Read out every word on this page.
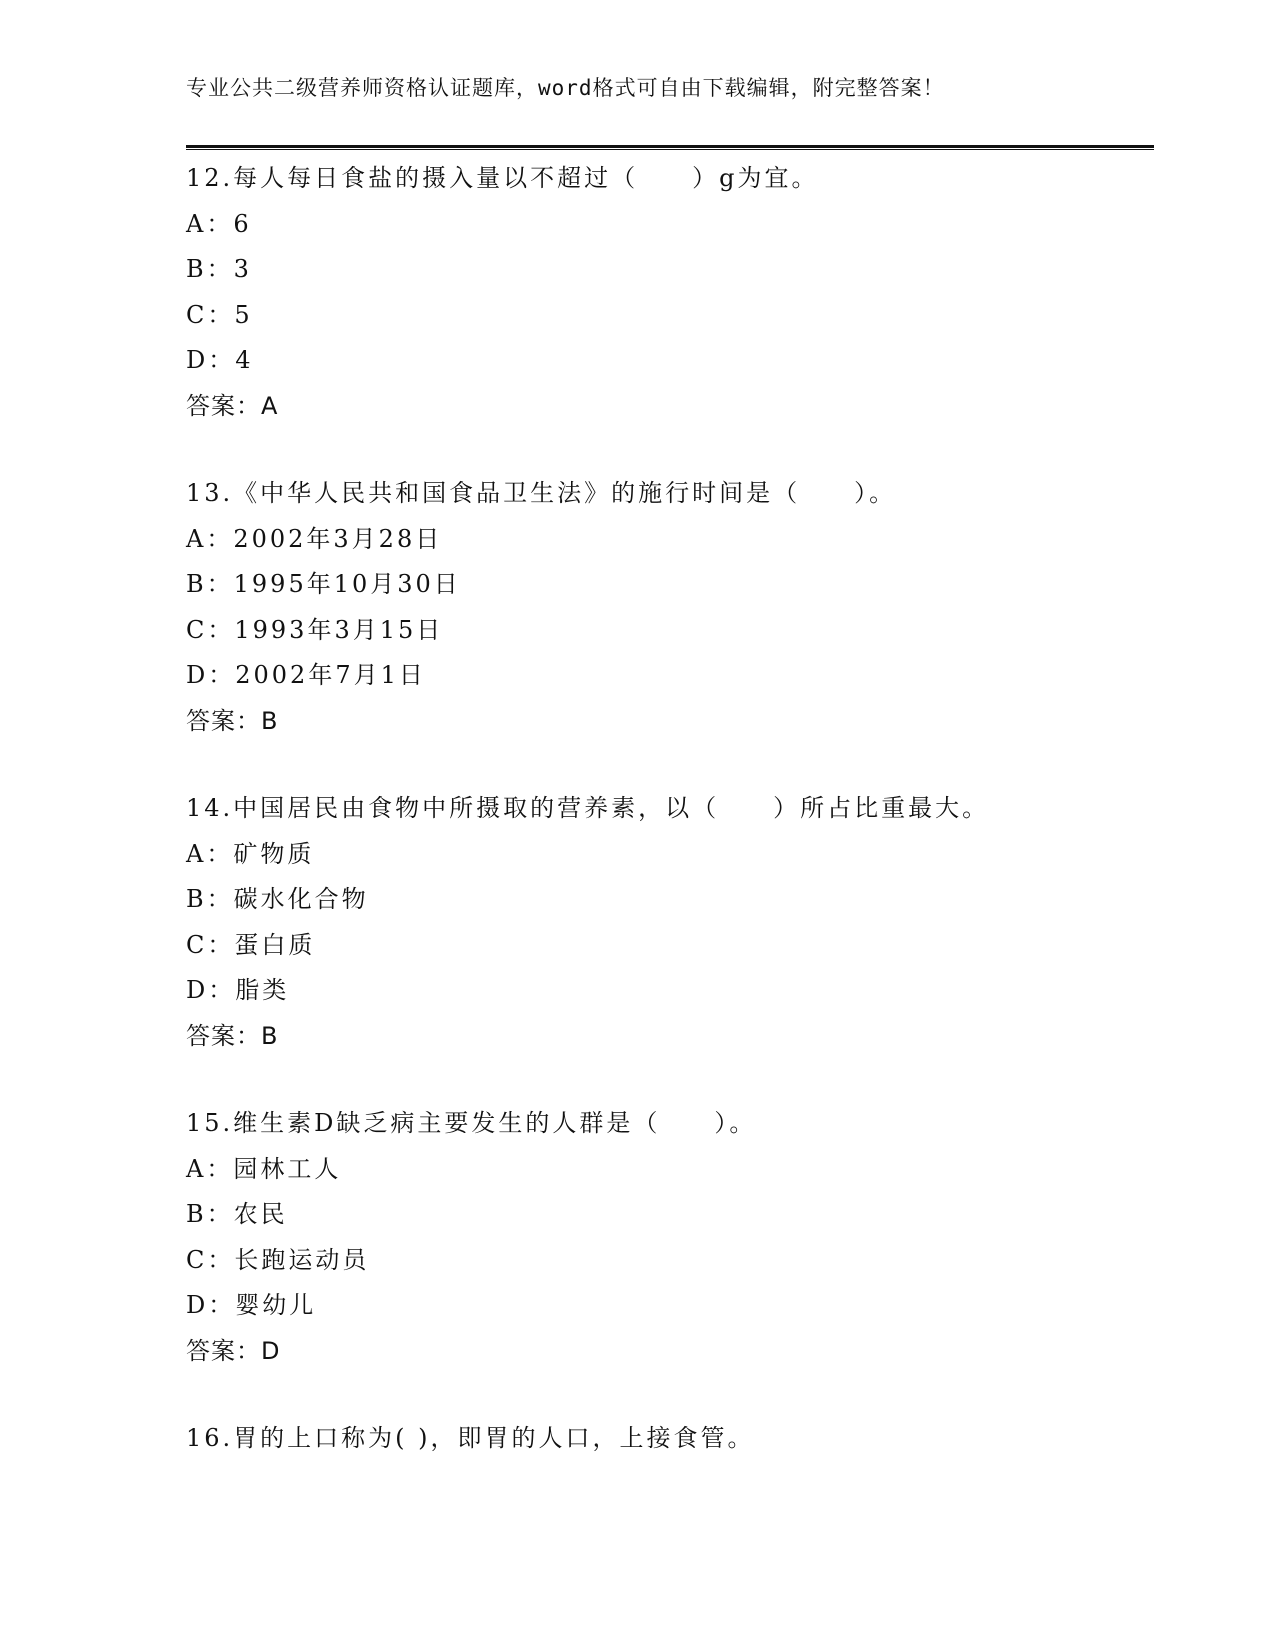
专业公共二级营养师资格认证题库，word格式可自由下载编辑，附完整答案！
12.每人每日食盐的摄入量以不超过（　　）g为宜。
A：6
B：3
C：5
D：4
答案：A
13.《中华人民共和国食品卫生法》的施行时间是（　　）。
A：2002年3月28日
B：1995年10月30日
C：1993年3月15日
D：2002年7月1日
答案：B
14.中国居民由食物中所摄取的营养素，以（　　）所占比重最大。
A：矿物质
B：碳水化合物
C：蛋白质
D：脂类
答案：B
15.维生素D缺乏病主要发生的人群是（　　）。
A：园林工人
B：农民
C：长跑运动员
D：婴幼儿
答案：D
16.胃的上口称为( )，即胃的人口，上接食管。
